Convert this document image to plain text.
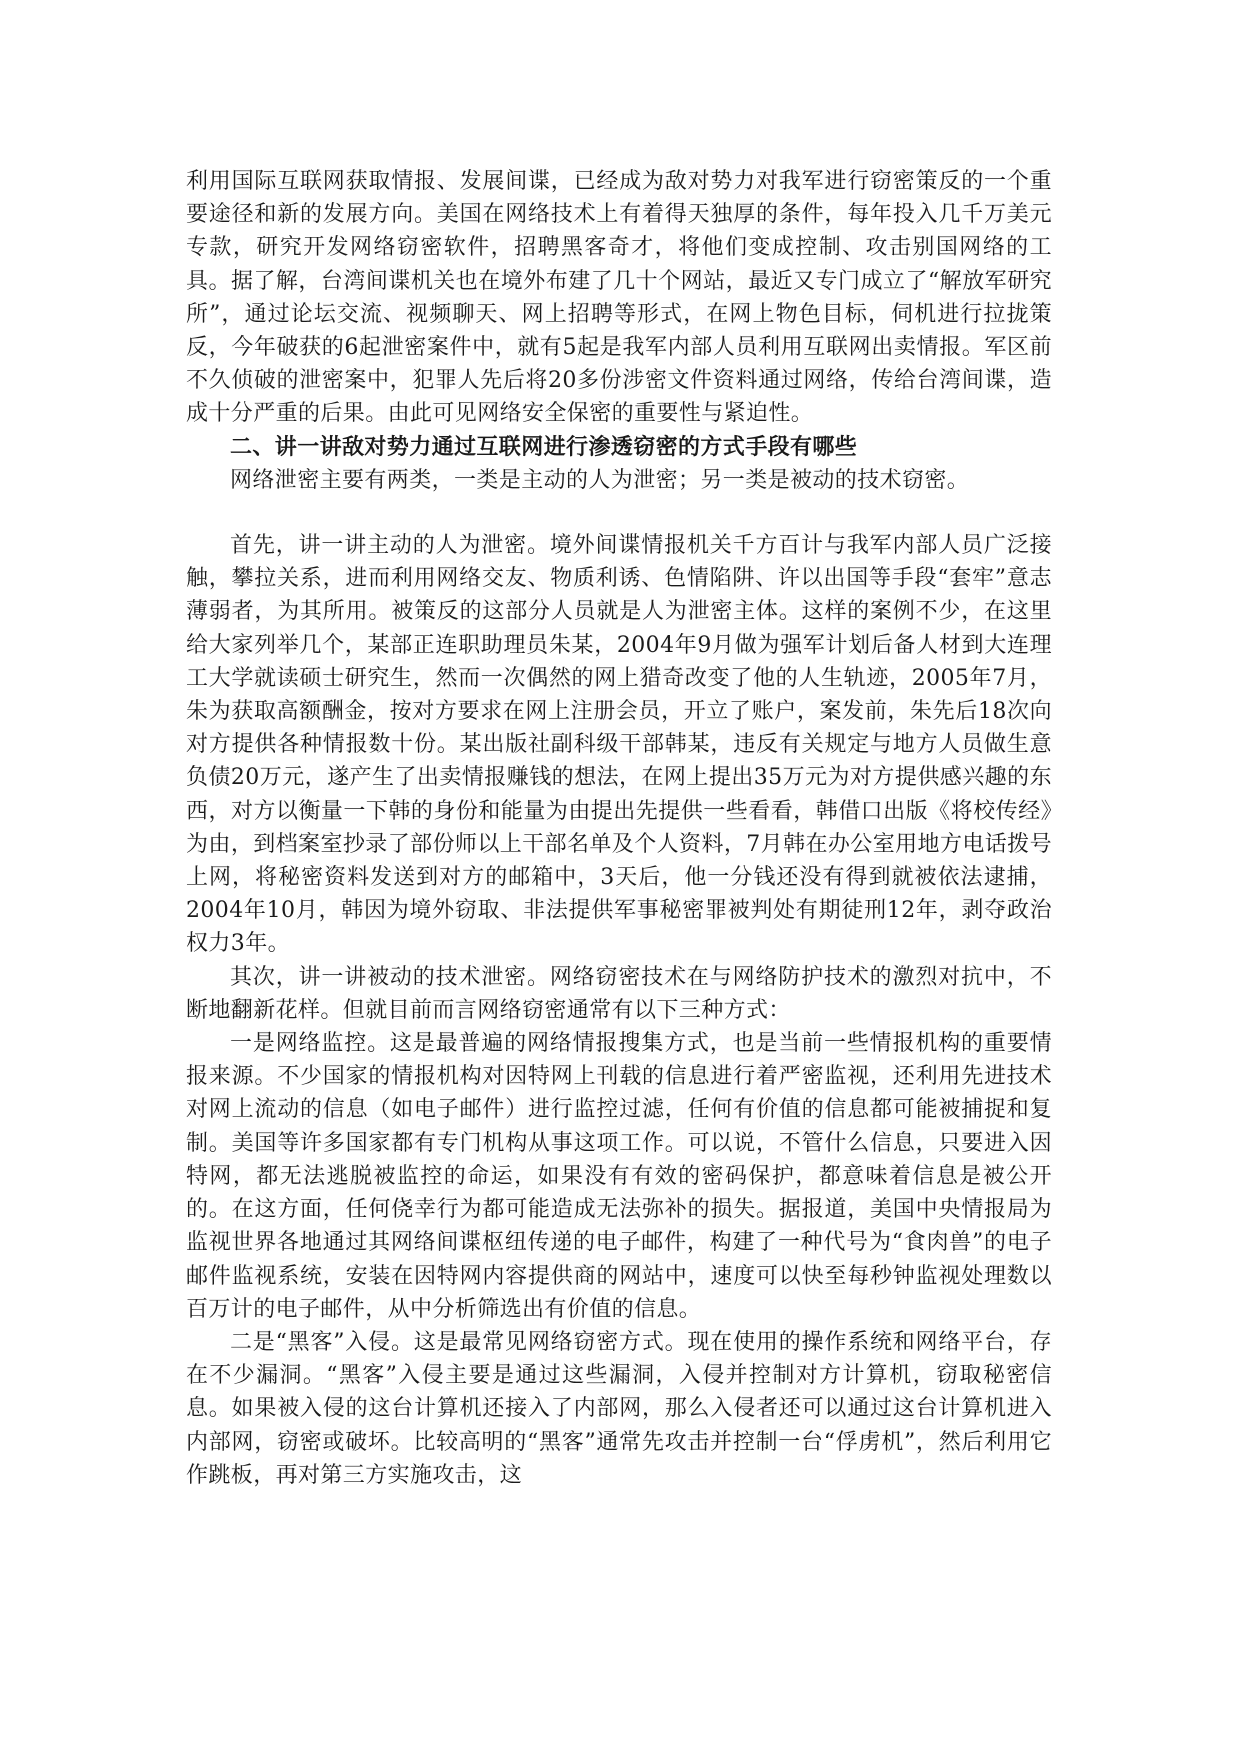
利用国际互联网获取情报、发展间谍，已经成为敌对势力对我军进行窃密策反的一个重要途径和新的发展方向。美国在网络技术上有着得天独厚的条件，每年投入几千万美元专款，研究开发网络窃密软件，招聘黑客奇才，将他们变成控制、攻击别国网络的工具。据了解，台湾间谍机关也在境外布建了几十个网站，最近又专门成立了“解放军研究所”，通过论坛交流、视频聊天、网上招聘等形式，在网上物色目标，伺机进行拉拢策反，今年破获的6起泄密案件中，就有5起是我军内部人员利用互联网出卖情报。军区前不久侦破的泄密案中，犯罪人先后将20多份涉密文件资料通过网络，传给台湾间谍，造成十分严重的后果。由此可见网络安全保密的重要性与紧迫性。

二、讲一讲敌对势力通过互联网进行渗透窃密的方式手段有哪些

网络泄密主要有两类，一类是主动的人为泄密；另一类是被动的技术窃密。

首先，讲一讲主动的人为泄密。境外间谍情报机关千方百计与我军内部人员广泛接触，攀拉关系，进而利用网络交友、物质利诱、色情陷阱、许以出国等手段“套牢”意志薄弱者，为其所用。被策反的这部分人员就是人为泄密主体。这样的案例不少，在这里给大家列举几个，某部正连职助理员朱某，2004年9月做为强军计划后备人材到大连理工大学就读硕士研究生，然而一次偶然的网上猎奇改变了他的人生轨迹，2005年7月，朱为获取高额酬金，按对方要求在网上注册会员，开立了账户，案发前，朱先后18次向对方提供各种情报数十份。某出版社副科级干部韩某，违反有关规定与地方人员做生意负债20万元，遂产生了出卖情报赚钱的想法，在网上提出35万元为对方提供感兴趣的东西，对方以衡量一下韩的身份和能量为由提出先提供一些看看，韩借口出版《将校传经》为由，到档案室抄录了部份师以上干部名单及个人资料，7月韩在办公室用地方电话拨号上网，将秘密资料发送到对方的邮箱中，3天后，他一分钱还没有得到就被依法逮捕，2004年10月，韩因为境外窃取、非法提供军事秘密罪被判处有期徒刑12年，剥夺政治权力3年。

其次，讲一讲被动的技术泄密。网络窃密技术在与网络防护技术的激烈对抗中，不断地翻新花样。但就目前而言网络窃密通常有以下三种方式：

一是网络监控。这是最普遍的网络情报搜集方式，也是当前一些情报机构的重要情报来源。不少国家的情报机构对因特网上刊载的信息进行着严密监视，还利用先进技术对网上流动的信息（如电子邮件）进行监控过滤，任何有价值的信息都可能被捕捉和复制。美国等许多国家都有专门机构从事这项工作。可以说，不管什么信息，只要进入因特网，都无法逃脱被监控的命运，如果没有有效的密码保护，都意味着信息是被公开的。在这方面，任何侥幸行为都可能造成无法弥补的损失。据报道，美国中央情报局为监视世界各地通过其网络间谍枢纽传递的电子邮件，构建了一种代号为“食肉兽”的电子邮件监视系统，安装在因特网内容提供商的网站中，速度可以快至每秒钟监视处理数以百万计的电子邮件，从中分析筛选出有价值的信息。

二是“黑客”入侵。这是最常见网络窃密方式。现在使用的操作系统和网络平台，存在不少漏洞。“黑客”入侵主要是通过这些漏洞，入侵并控制对方计算机，窃取秘密信息。如果被入侵的这台计算机还接入了内部网，那么入侵者还可以通过这台计算机进入内部网，窃密或破坏。比较高明的“黑客”通常先攻击并控制一台“俘虏机”，然后利用它作跳板，再对第三方实施攻击，这
